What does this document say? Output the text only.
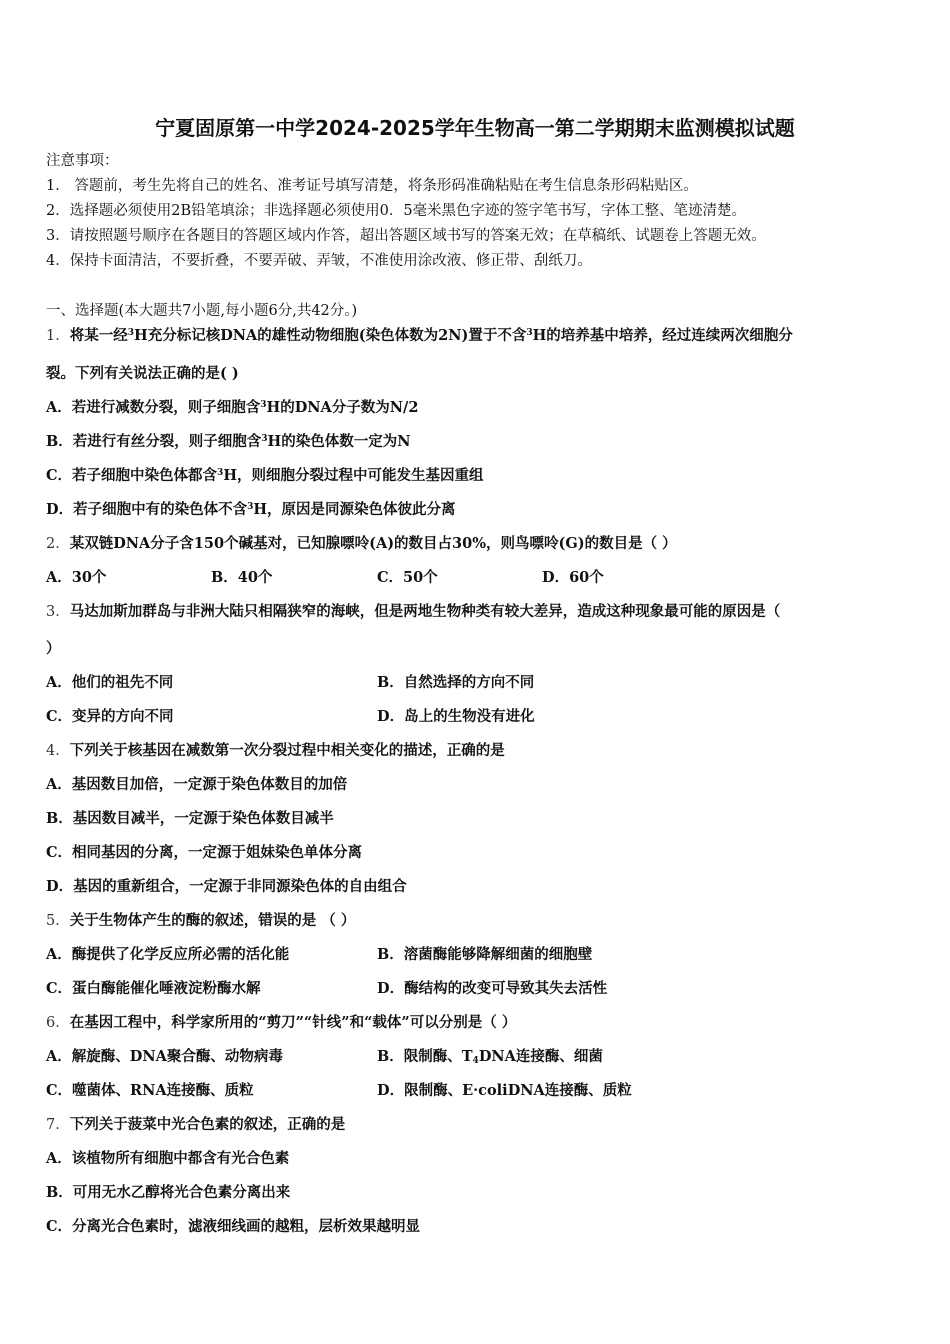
宁夏固原第一中学2024-2025学年生物高一第二学期期末监测模拟试题
注意事项：
1． 答题前，考生先将自己的姓名、准考证号填写清楚，将条形码准确粘贴在考生信息条形码粘贴区。
2．选择题必须使用2B铅笔填涂；非选择题必须使用0．5毫米黑色字迹的签字笔书写，字体工整、笔迹清楚。
3．请按照题号顺序在各题目的答题区域内作答，超出答题区域书写的答案无效；在草稿纸、试题卷上答题无效。
4．保持卡面清洁，不要折叠，不要弄破、弄皱，不准使用涂改液、修正带、刮纸刀。
一、选择题(本大题共7小题,每小题6分,共42分。)
1．将某一经$^3$H充分标记核DNA的雄性动物细胞(染色体数为2N)置于不含$^3$H的培养基中培养，经过连续两次细胞分
裂。下列有关说法正确的是( )
A．若进行减数分裂，则子细胞含$^3$H的DNA分子数为N/2
B．若进行有丝分裂，则子细胞含$^3$H的染色体数一定为N
C．若子细胞中染色体都含$^3$H，则细胞分裂过程中可能发生基因重组
D．若子细胞中有的染色体不含$^3$H，原因是同源染色体彼此分离
2．某双链DNA分子含150个碱基对，已知腺嘌呤(A)的数目占30%，则鸟嘌呤(G)的数目是（ ）
A．30个	B．40个	C．50个	D．60个
3．马达加斯加群岛与非洲大陆只相隔狭窄的海峡，但是两地生物种类有较大差异，造成这种现象最可能的原因是（
）
A．他们的祖先不同	B．自然选择的方向不同
C．变异的方向不同	D．岛上的生物没有进化
4．下列关于核基因在减数第一次分裂过程中相关变化的描述，正确的是
A．基因数目加倍，一定源于染色体数目的加倍
B．基因数目减半，一定源于染色体数目减半
C．相同基因的分离，一定源于姐妹染色单体分离
D．基因的重新组合，一定源于非同源染色体的自由组合
5．关于生物体产生的酶的叙述，错误的是 （ ）
A．酶提供了化学反应所必需的活化能	B．溶菌酶能够降解细菌的细胞壁
C．蛋白酶能催化唾液淀粉酶水解	D．酶结构的改变可导致其失去活性
6．在基因工程中，科学家所用的“剪刀”“针线”和“载体”可以分别是（ ）
A．解旋酶、DNA聚合酶、动物病毒	B．限制酶、$T_4DNA$连接酶、细菌
C．噬菌体、RNA连接酶、质粒	D．限制酶、E·coliDNA连接酶、质粒
7．下列关于菠菜中光合色素的叙述，正确的是
A．该植物所有细胞中都含有光合色素
B．可用无水乙醇将光合色素分离出来
C．分离光合色素时，滤液细线画的越粗，层析效果越明显
